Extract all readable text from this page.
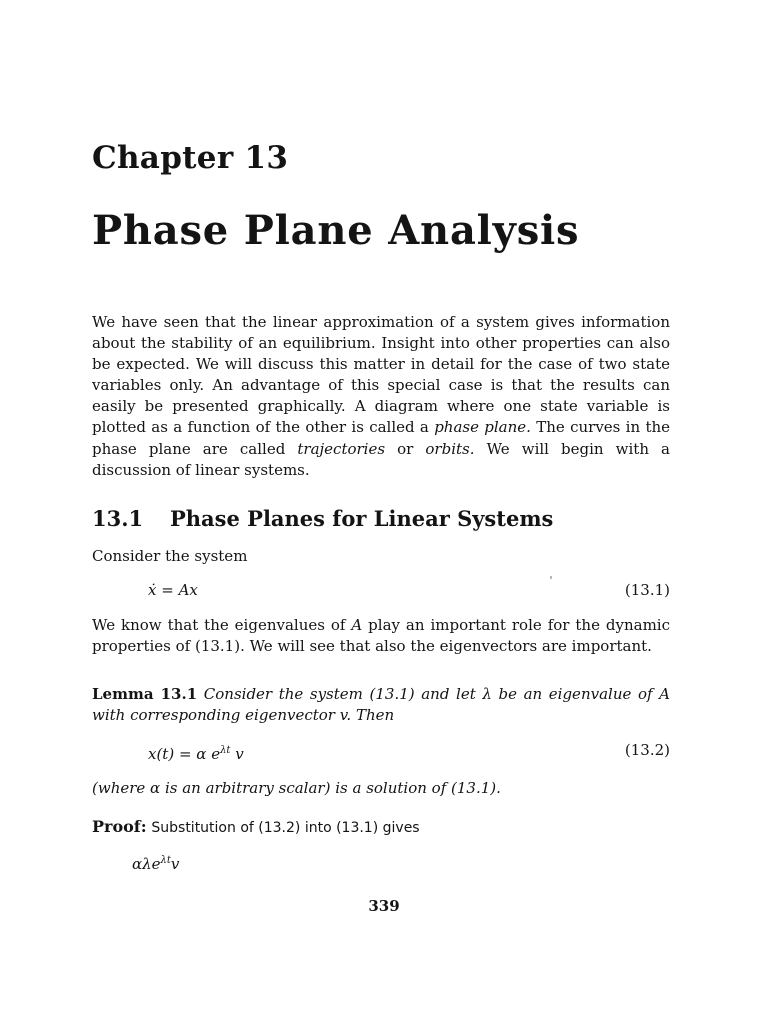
Chapter 13
Phase Plane Analysis
We have seen that the linear approximation of a system gives information about the stability of an equilibrium. Insight into other properties can also be expected. We will discuss this matter in detail for the case of two state variables only. An advantage of this special case is that the results can easily be presented graphically. A diagram where one state variable is plotted as a function of the other is called a phase plane. The curves in the phase plane are called trajectories or orbits. We will begin with a discussion of linear systems.
13.1 Phase Planes for Linear Systems
Consider the system
ẋ = Ax	(13.1)
We know that the eigenvalues of A play an important role for the dynamic properties of (13.1). We will see that also the eigenvectors are important.
Lemma 13.1 Consider the system (13.1) and let λ be an eigenvalue of A with corresponding eigenvector v. Then
x(t) = α $e^{\lambda t}$ v	(13.2)
(where α is an arbitrary scalar) is a solution of (13.1).
Proof: Substitution of (13.2) into (13.1) gives
αλe$^{\lambda t}$v
339
